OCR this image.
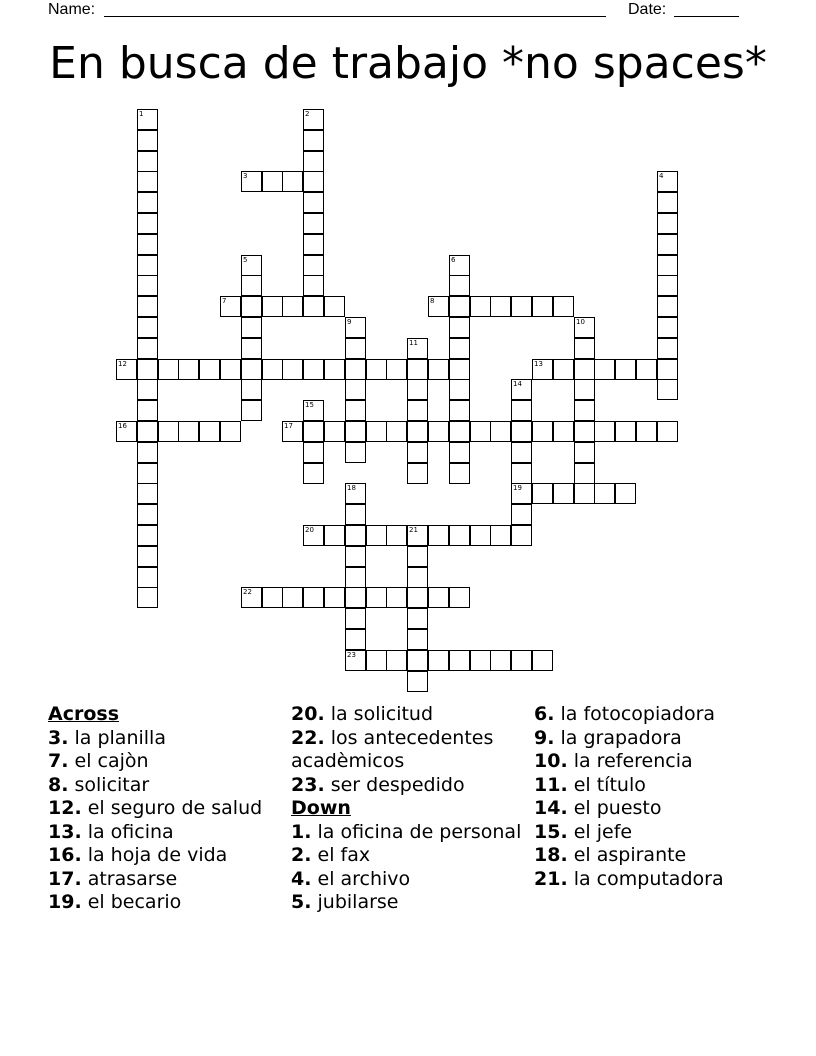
Name:	Date:
En busca de trabajo *no spaces*
1	2
3	4
5	6
7	8
9	10
11
12	13
14
15
16	17
18	19
20	21
22
23
Across
3. la planilla
7. el cajòn
8. solicitar
12. el seguro de salud
13. la oficina
16. la hoja de vida
17. atrasarse
19. el becario
20. la solicitud
22. los antecedentes acadèmicos
23. ser despedido
Down
1. la oficina de personal
2. el fax
4. el archivo
5. jubilarse
6. la fotocopiadora
9. la grapadora
10. la referencia
11. el título
14. el puesto
15. el jefe
18. el aspirante
21. la computadora
